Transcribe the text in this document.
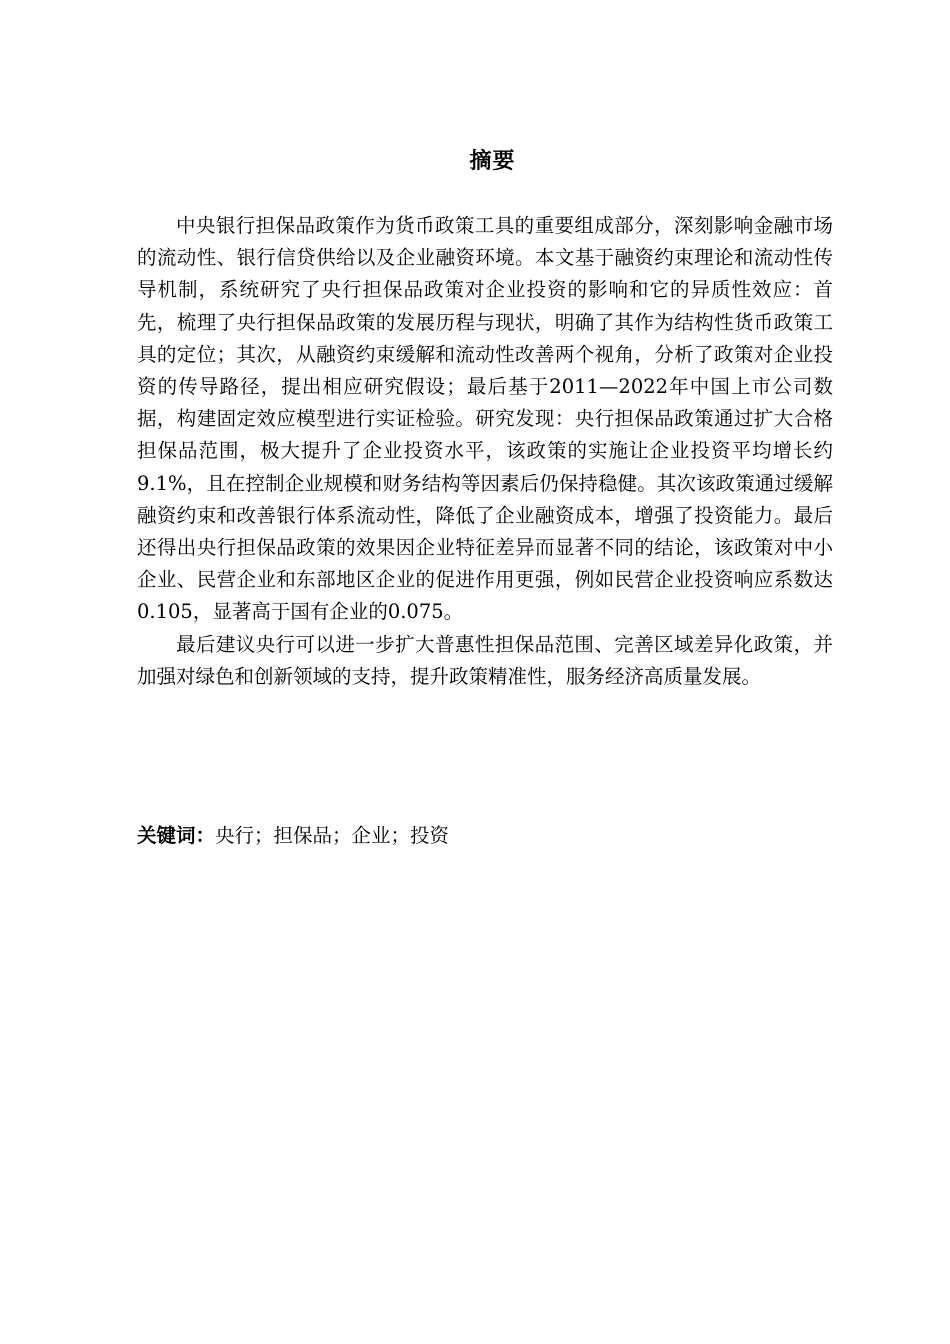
摘要

中央银行担保品政策作为货币政策工具的重要组成部分，深刻影响金融市场的流动性、银行信贷供给以及企业融资环境。本文基于融资约束理论和流动性传导机制，系统研究了央行担保品政策对企业投资的影响和它的异质性效应：首先，梳理了央行担保品政策的发展历程与现状，明确了其作为结构性货币政策工具的定位；其次，从融资约束缓解和流动性改善两个视角，分析了政策对企业投资的传导路径，提出相应研究假设；最后基于2011—2022年中国上市公司数据，构建固定效应模型进行实证检验。研究发现：央行担保品政策通过扩大合格担保品范围，极大提升了企业投资水平，该政策的实施让企业投资平均增长约9.1%，且在控制企业规模和财务结构等因素后仍保持稳健。其次该政策通过缓解融资约束和改善银行体系流动性，降低了企业融资成本，增强了投资能力。最后还得出央行担保品政策的效果因企业特征差异而显著不同的结论，该政策对中小企业、民营企业和东部地区企业的促进作用更强，例如民营企业投资响应系数达0.105，显著高于国有企业的0.075。

最后建议央行可以进一步扩大普惠性担保品范围、完善区域差异化政策，并加强对绿色和创新领域的支持，提升政策精准性，服务经济高质量发展。

关键词：央行；担保品；企业；投资
